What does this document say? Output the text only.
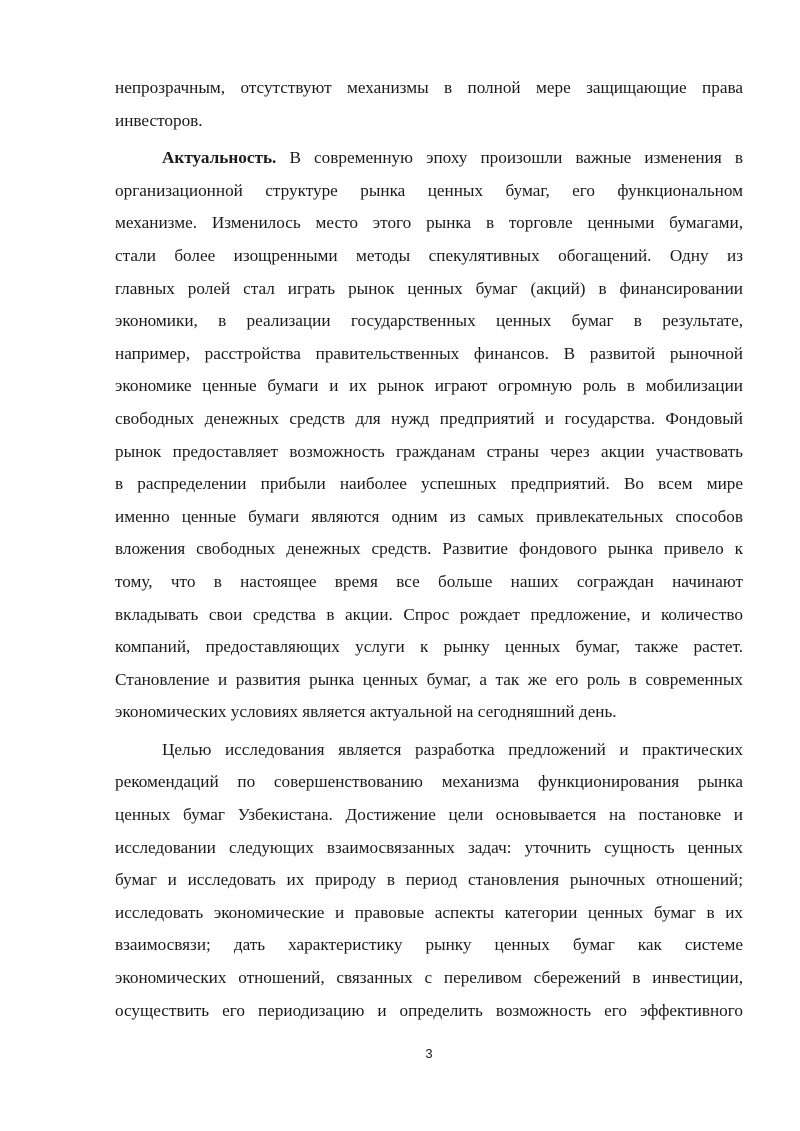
непрозрачным, отсутствуют механизмы в полной мере защищающие права
инвесторов.
Актуальность. В современную эпоху произошли важные изменения в
организационной структуре рынка ценных бумаг, его функциональном
механизме. Изменилось место этого рынка в торговле ценными бумагами,
стали более изощренными методы спекулятивных обогащений. Одну из
главных ролей стал играть рынок ценных бумаг (акций) в финансировании
экономики, в реализации государственных ценных бумаг в результате,
например, расстройства правительственных финансов. В развитой рыночной
экономике ценные бумаги и их рынок играют огромную роль в мобилизации
свободных денежных средств для нужд предприятий и государства. Фондовый
рынок предоставляет возможность гражданам страны через акции участвовать
в распределении прибыли наиболее успешных предприятий. Во всем мире
именно ценные бумаги являются одним из самых привлекательных способов
вложения свободных денежных средств. Развитие фондового рынка привело к
тому, что в настоящее время все больше наших сограждан начинают
вкладывать свои средства в акции. Спрос рождает предложение, и количество
компаний, предоставляющих услуги к рынку ценных бумаг, также растет.
Становление и развития рынка ценных бумаг, а так же его роль в современных
экономических условиях является актуальной на сегодняшний день.
Целью исследования является разработка предложений и практических
рекомендаций по совершенствованию механизма функционирования рынка
ценных бумаг Узбекистана. Достижение цели основывается на постановке и
исследовании следующих взаимосвязанных задач: уточнить сущность ценных
бумаг и исследовать их природу в период становления рыночных отношений;
исследовать экономические и правовые аспекты категории ценных бумаг в их
взаимосвязи; дать характеристику рынку ценных бумаг как системе
экономических отношений, связанных с переливом сбережений в инвестиции,
осуществить его периодизацию и определить возможность его эффективного
3
